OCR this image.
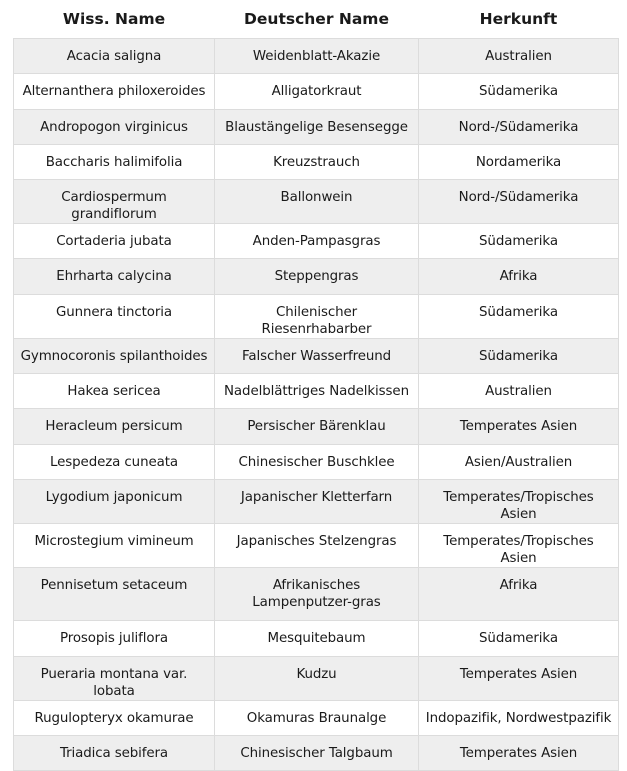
Wiss. Name	Deutscher Name	Herkunft
Acacia saligna	Weidenblatt-Akazie	Australien
Alternanthera philoxeroides	Alligatorkraut	Südamerika
Andropogon virginicus	Blaustängelige Besensegge	Nord-/Südamerika
Baccharis halimifolia	Kreuzstrauch	Nordamerika
Cardiospermum grandiflorum	Ballonwein	Nord-/Südamerika
Cortaderia jubata	Anden-Pampasgras	Südamerika
Ehrharta calycina	Steppengras	Afrika
Gunnera tinctoria	Chilenischer Riesenrhabarber	Südamerika
Gymnocoronis spilanthoides	Falscher Wasserfreund	Südamerika
Hakea sericea	Nadelblättriges Nadelkissen	Australien
Heracleum persicum	Persischer Bärenklau	Temperates Asien
Lespedeza cuneata	Chinesischer Buschklee	Asien/Australien
Lygodium japonicum	Japanischer Kletterfarn	Temperates/Tropisches Asien
Microstegium vimineum	Japanisches Stelzengras	Temperates/Tropisches Asien
Pennisetum setaceum	Afrikanisches Lampenputzer-gras	Afrika
Prosopis juliflora	Mesquitebaum	Südamerika
Pueraria montana var. lobata	Kudzu	Temperates Asien
Rugulopteryx okamurae	Okamuras Braunalge	Indopazifik, Nordwestpazifik
Triadica sebifera	Chinesischer Talgbaum	Temperates Asien
